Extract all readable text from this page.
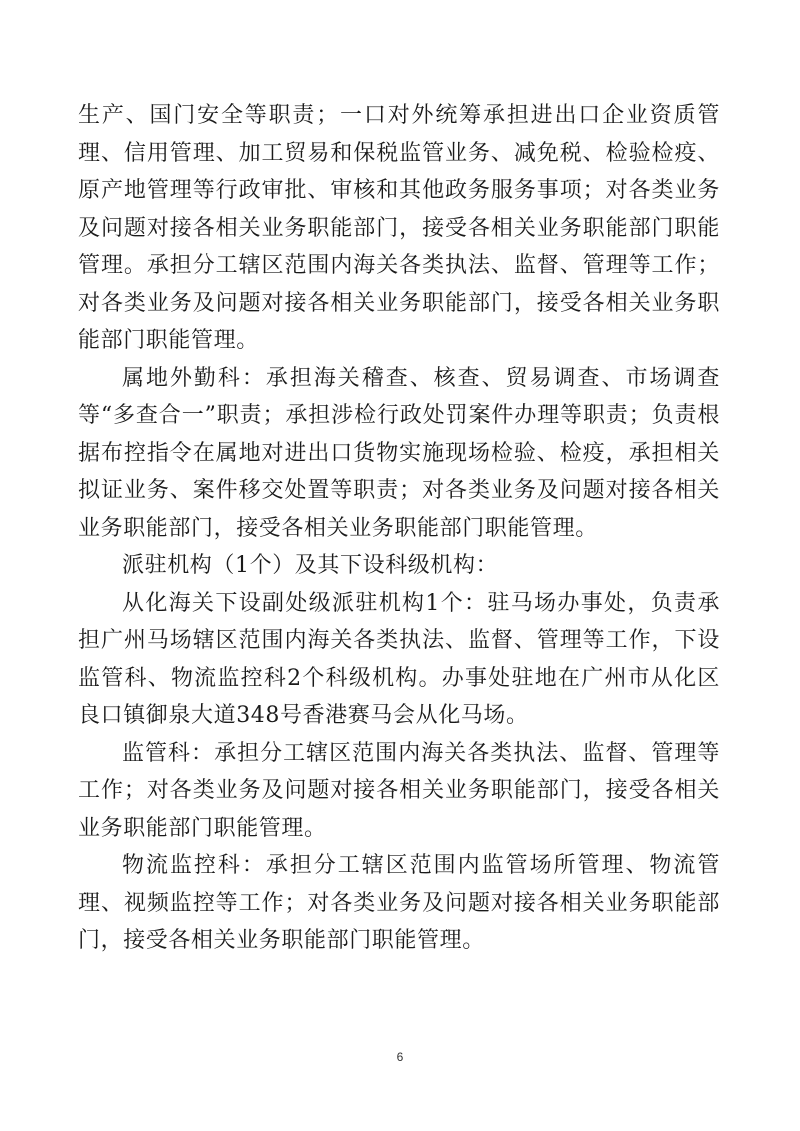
生产、国门安全等职责；一口对外统筹承担进出口企业资质管理、信用管理、加工贸易和保税监管业务、减免税、检验检疫、原产地管理等行政审批、审核和其他政务服务事项；对各类业务及问题对接各相关业务职能部门，接受各相关业务职能部门职能管理。承担分工辖区范围内海关各类执法、监督、管理等工作；对各类业务及问题对接各相关业务职能部门，接受各相关业务职能部门职能管理。

属地外勤科：承担海关稽查、核查、贸易调查、市场调查等“多查合一”职责；承担涉检行政处罚案件办理等职责；负责根据布控指令在属地对进出口货物实施现场检验、检疫，承担相关拟证业务、案件移交处置等职责；对各类业务及问题对接各相关业务职能部门，接受各相关业务职能部门职能管理。

派驻机构（1个）及其下设科级机构：

从化海关下设副处级派驻机构1个：驻马场办事处，负责承担广州马场辖区范围内海关各类执法、监督、管理等工作，下设监管科、物流监控科2个科级机构。办事处驻地在广州市从化区良口镇御泉大道348号香港赛马会从化马场。

监管科：承担分工辖区范围内海关各类执法、监督、管理等工作；对各类业务及问题对接各相关业务职能部门，接受各相关业务职能部门职能管理。

物流监控科：承担分工辖区范围内监管场所管理、物流管理、视频监控等工作；对各类业务及问题对接各相关业务职能部门，接受各相关业务职能部门职能管理。

6
